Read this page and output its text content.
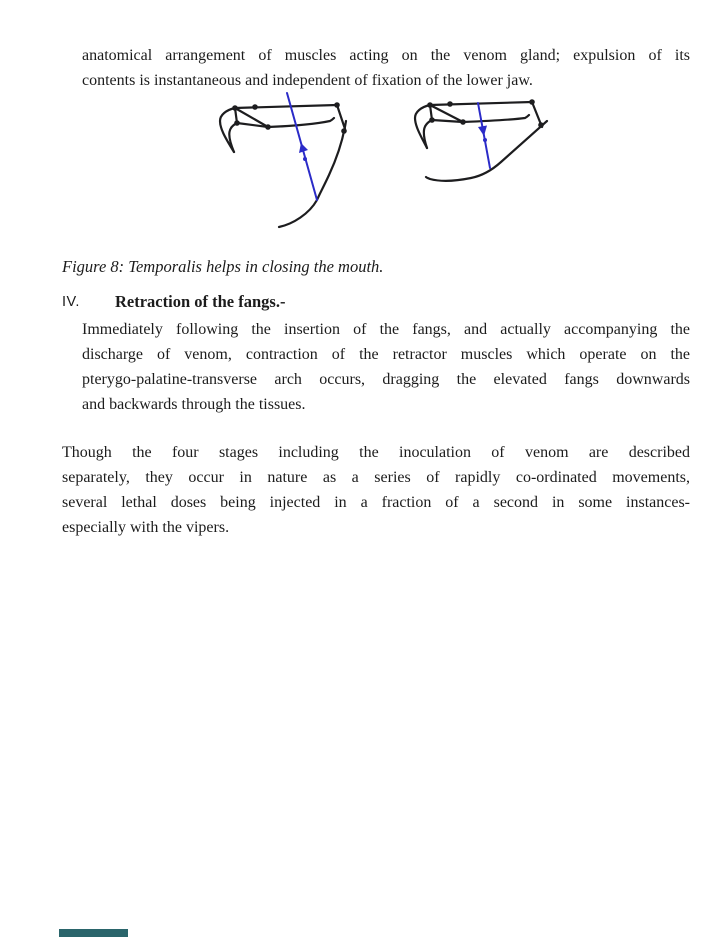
anatomical arrangement of muscles acting on the venom gland; expulsion of its
contents is instantaneous and independent of fixation of the lower jaw.
Figure 8: Temporalis helps in closing the mouth.
IV. Retraction of the fangs.-
Immediately following the insertion of the fangs, and actually accompanying the
discharge of venom, contraction of the retractor muscles which operate on the
pterygo-palatine-transverse arch occurs, dragging the elevated fangs downwards
and backwards through the tissues.
Though the four stages including the inoculation of venom are described
separately, they occur in nature as a series of rapidly co-ordinated movements,
several lethal doses being injected in a fraction of a second in some instances-
especially with the vipers.
